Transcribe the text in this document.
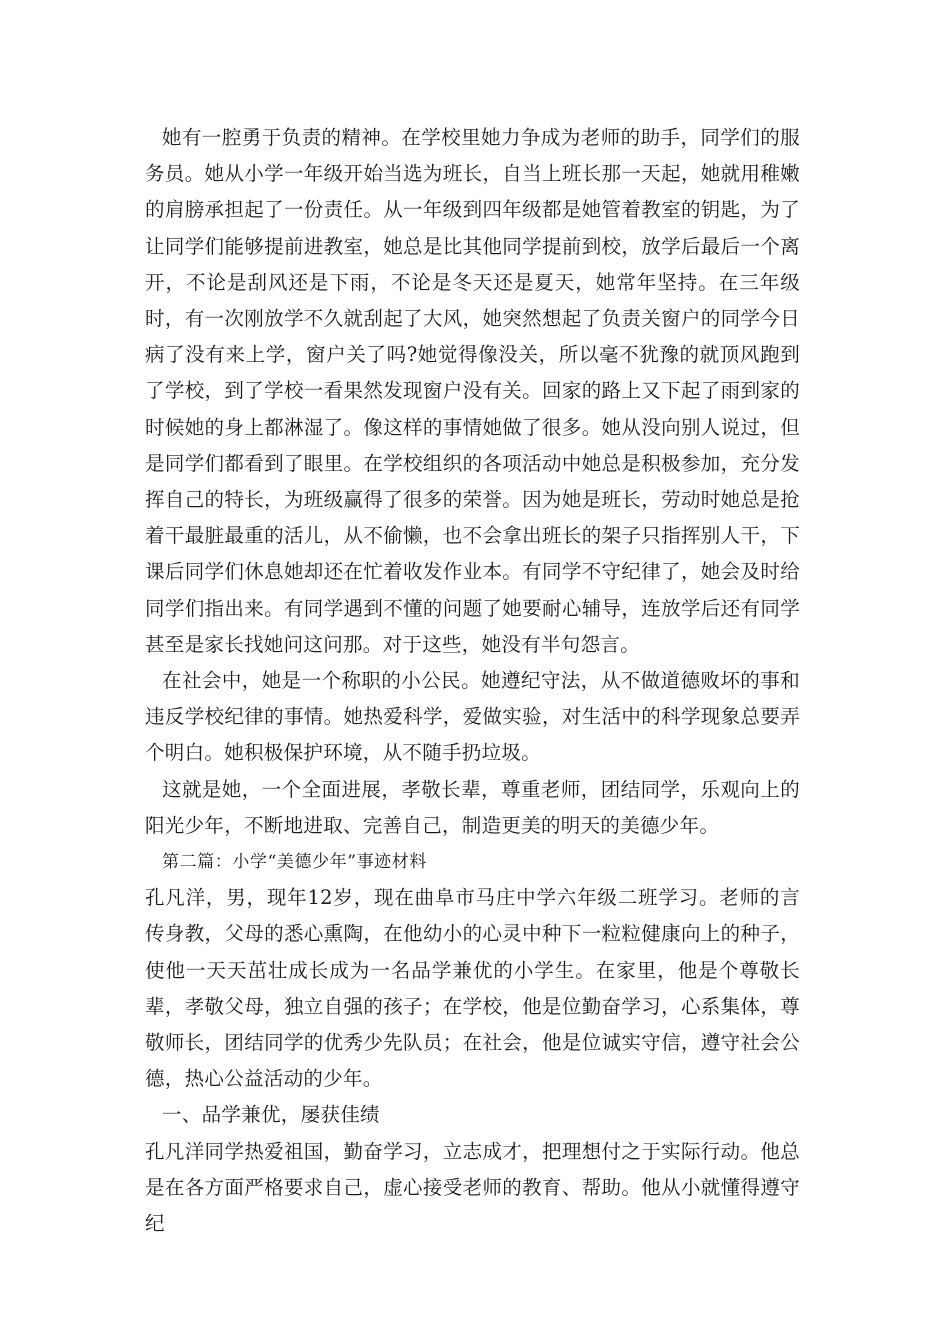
她有一腔勇于负责的精神。在学校里她力争成为老师的助手，同学们的服务员。她从小学一年级开始当选为班长，自当上班长那一天起，她就用稚嫩的肩膀承担起了一份责任。从一年级到四年级都是她管着教室的钥匙，为了让同学们能够提前进教室，她总是比其他同学提前到校，放学后最后一个离开，不论是刮风还是下雨，不论是冬天还是夏天，她常年坚持。在三年级时，有一次刚放学不久就刮起了大风，她突然想起了负责关窗户的同学今日病了没有来上学，窗户关了吗?她觉得像没关，所以毫不犹豫的就顶风跑到了学校，到了学校一看果然发现窗户没有关。回家的路上又下起了雨到家的时候她的身上都淋湿了。像这样的事情她做了很多。她从没向别人说过，但是同学们都看到了眼里。在学校组织的各项活动中她总是积极参加，充分发挥自己的特长，为班级赢得了很多的荣誉。因为她是班长，劳动时她总是抢着干最脏最重的活儿，从不偷懒，也不会拿出班长的架子只指挥别人干，下课后同学们休息她却还在忙着收发作业本。有同学不守纪律了，她会及时给同学们指出来。有同学遇到不懂的问题了她要耐心辅导，连放学后还有同学甚至是家长找她问这问那。对于这些，她没有半句怨言。

在社会中，她是一个称职的小公民。她遵纪守法，从不做道德败坏的事和违反学校纪律的事情。她热爱科学，爱做实验，对生活中的科学现象总要弄个明白。她积极保护环境，从不随手扔垃圾。

这就是她，一个全面进展，孝敬长辈，尊重老师，团结同学，乐观向上的阳光少年，不断地进取、完善自己，制造更美的明天的美德少年。

第二篇：小学“美德少年”事迹材料

孔凡洋，男，现年12岁，现在曲阜市马庄中学六年级二班学习。老师的言传身教，父母的悉心熏陶，在他幼小的心灵中种下一粒粒健康向上的种子，使他一天天茁壮成长成为一名品学兼优的小学生。在家里，他是个尊敬长辈，孝敬父母，独立自强的孩子；在学校，他是位勤奋学习，心系集体，尊敬师长，团结同学的优秀少先队员；在社会，他是位诚实守信，遵守社会公德，热心公益活动的少年。

一、品学兼优，屡获佳绩

孔凡洋同学热爱祖国，勤奋学习，立志成才，把理想付之于实际行动。他总是在各方面严格要求自己，虚心接受老师的教育、帮助。他从小就懂得遵守纪
